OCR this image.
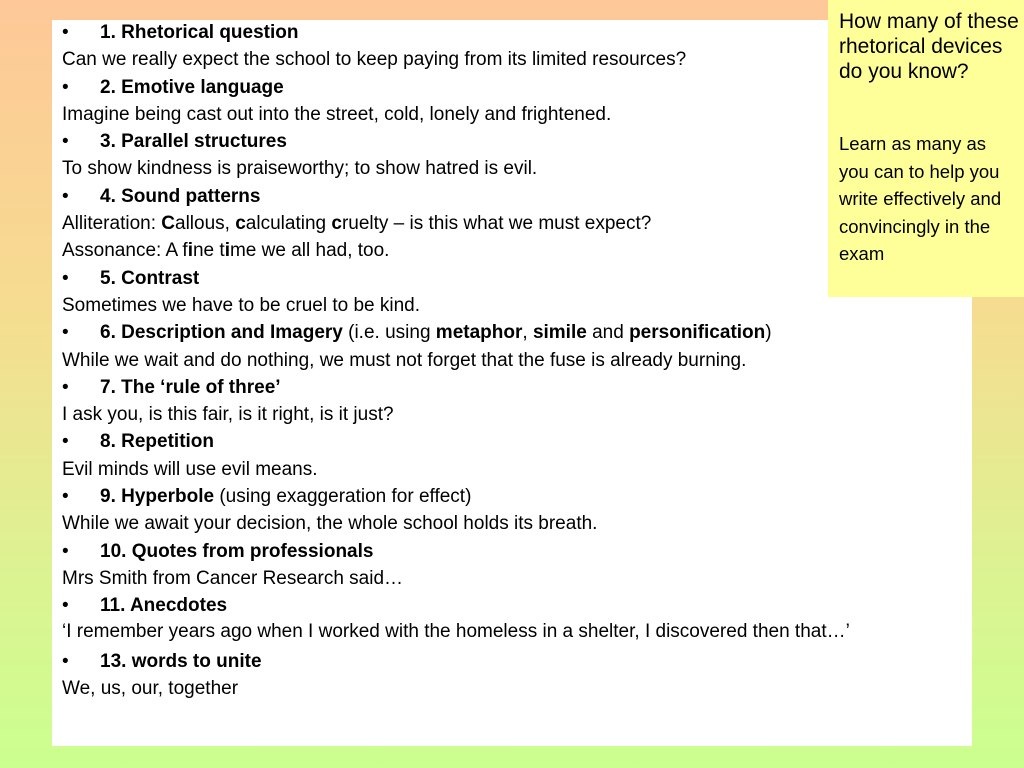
•	1. Rhetorical question
Can we really expect the school to keep paying from its limited resources?
•	2. Emotive language
Imagine being cast out into the street, cold, lonely and frightened.
•	3. Parallel structures
To show kindness is praiseworthy; to show hatred is evil.
•	4. Sound patterns
Alliteration: Callous, calculating cruelty – is this what we must expect?
Assonance: A fine time we all had, too.
•	5. Contrast
Sometimes we have to be cruel to be kind.
•	6. Description and Imagery (i.e. using metaphor, simile and personification)
While we wait and do nothing, we must not forget that the fuse is already burning.
•	7. The ‘rule of three’
I ask you, is this fair, is it right, is it just?
•	8. Repetition
Evil minds will use evil means.
•	9. Hyperbole (using exaggeration for effect)
While we await your decision, the whole school holds its breath.
•	10. Quotes from professionals
Mrs Smith from Cancer Research said…
•	11. Anecdotes
‘I remember years ago when I worked with the homeless in a shelter, I discovered then that…’
•	13. words to unite
We, us, our, together
How many of these rhetorical devices do you know?
Learn as many as you can to help you write effectively and convincingly in the exam
